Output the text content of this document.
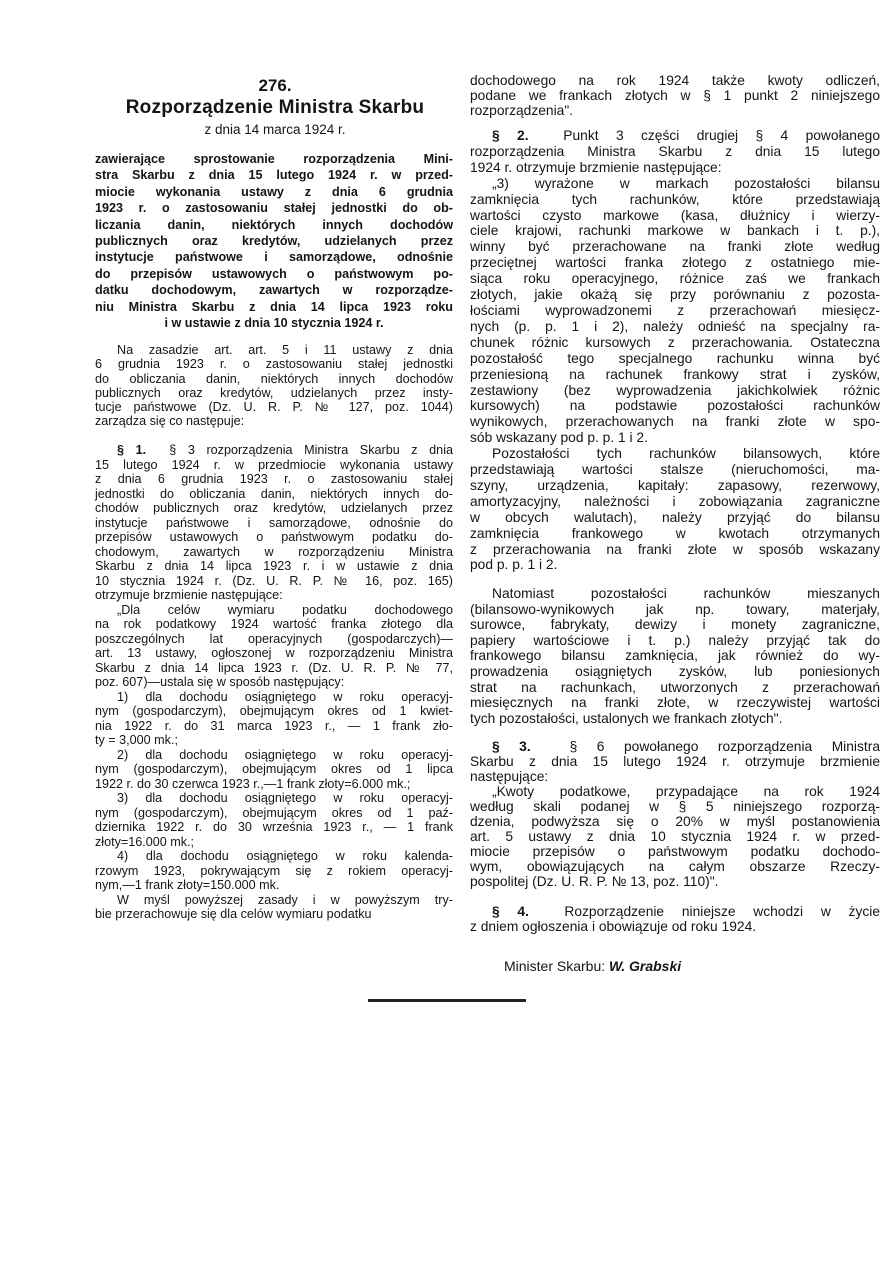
276.
Rozporządzenie Ministra Skarbu
z dnia 14 marca 1924 r.
zawierające sprostowanie rozporządzenia Mini-
stra Skarbu z dnia 15 lutego 1924 r. w przed-
miocie wykonania ustawy z dnia 6 grudnia
1923 r. o zastosowaniu stałej jednostki do ob-
liczania danin, niektórych innych dochodów
publicznych oraz kredytów, udzielanych przez
instytucje państwowe i samorządowe, odnośnie
do przepisów ustawowych o państwowym po-
datku dochodowym, zawartych w rozporządze-
niu Ministra Skarbu z dnia 14 lipca 1923 roku
i w ustawie z dnia 10 stycznia 1924 r.
Na zasadzie art. art. 5 i 11 ustawy z dnia
6 grudnia 1923 r. o zastosowaniu stałej jednostki
do obliczania danin, niektórych innych dochodów
publicznych oraz kredytów, udzielanych przez insty-
tucje państwowe (Dz. U. R. P. № 127, poz. 1044)
zarządza się co następuje:
§ 1.  § 3 rozporządzenia Ministra Skarbu z dnia
15 lutego 1924 r. w przedmiocie wykonania ustawy
z dnia 6 grudnia 1923 r. o zastosowaniu stałej
jednostki do obliczania danin, niektórych innych do-
chodów publicznych oraz kredytów, udzielanych przez
instytucje państwowe i samorządowe, odnośnie do
przepisów ustawowych o państwowym podatku do-
chodowym, zawartych w rozporządzeniu Ministra
Skarbu z dnia 14 lipca 1923 r. i w ustawie z dnia
10 stycznia 1924 r. (Dz. U. R. P. № 16, poz. 165)
otrzymuje brzmienie następujące:
„Dla celów wymiaru podatku dochodowego
na rok podatkowy 1924 wartość franka złotego dla
poszczególnych lat operacyjnych (gospodarczych)—
art. 13 ustawy, ogłoszonej w rozporządzeniu Ministra
Skarbu z dnia 14 lipca 1923 r. (Dz. U. R. P. № 77,
poz. 607)—ustala się w sposób następujący:
1) dla dochodu osiągniętego w roku operacyj-
nym (gospodarczym), obejmującym okres od 1 kwiet-
nia 1922 r. do 31 marca 1923 r., — 1 frank zło-
ty = 3,000 mk.;
2) dla dochodu osiągniętego w roku operacyj-
nym (gospodarczym), obejmującym okres od 1 lipca
1922 r. do 30 czerwca 1923 r.,—1 frank złoty=6.000 mk.;
3) dla dochodu osiągniętego w roku operacyj-
nym (gospodarczym), obejmującym okres od 1 paź-
dziernika 1922 r. do 30 września 1923 r., — 1 frank
złoty=16.000 mk.;
4) dla dochodu osiągniętego w roku kalenda-
rzowym 1923, pokrywającym się z rokiem operacyj-
nym,—1 frank złoty=150.000 mk.
W myśl powyższej zasady i w powyższym try-
bie przerachowuje się dla celów wymiaru podatku
dochodowego na rok 1924 także kwoty odliczeń,
podane we frankach złotych w § 1 punkt 2 niniejszego
rozporządzenia".
§ 2.  Punkt 3 części drugiej § 4 powołanego
rozporządzenia Ministra Skarbu z dnia 15 lutego
1924 r. otrzymuje brzmienie następujące:
„3) wyrażone w markach pozostałości bilansu
zamknięcia tych rachunków, które przedstawiają
wartości czysto markowe (kasa, dłużnicy i wierzy-
ciele krajowi, rachunki markowe w bankach i t. p.),
winny być przerachowane na franki złote według
przeciętnej wartości franka złotego z ostatniego mie-
siąca roku operacyjnego, różnice zaś we frankach
złotych, jakie okażą się przy porównaniu z pozosta-
łościami wyprowadzonemi z przerachowań miesięcz-
nych (p. p. 1 i 2), należy odnieść na specjalny ra-
chunek różnic kursowych z przerachowania. Ostateczna
pozostałość tego specjalnego rachunku winna być
przeniesioną na rachunek frankowy strat i zysków,
zestawiony (bez wyprowadzenia jakichkolwiek różnic
kursowych) na podstawie pozostałości rachunków
wynikowych, przerachowanych na franki złote w spo-
sób wskazany pod p. p. 1 i 2.
Pozostałości tych rachunków bilansowych, które
przedstawiają wartości stalsze (nieruchomości, ma-
szyny, urządzenia, kapitały: zapasowy, rezerwowy,
amortyzacyjny, należności i zobowiązania zagraniczne
w obcych walutach), należy przyjąć do bilansu
zamknięcia frankowego w kwotach otrzymanych
z przerachowania na franki złote w sposób wskazany
pod p. p. 1 i 2.
Natomiast pozostałości rachunków mieszanych
(bilansowo-wynikowych jak np. towary, materjały,
surowce, fabrykaty, dewizy i monety zagraniczne,
papiery wartościowe i t. p.) należy przyjąć tak do
frankowego bilansu zamknięcia, jak również do wy-
prowadzenia osiągniętych zysków, lub poniesionych
strat na rachunkach, utworzonych z przerachowań
miesięcznych na franki złote, w rzeczywistej wartości
tych pozostałości, ustalonych we frankach złotych".
§ 3.  § 6 powołanego rozporządzenia Ministra
Skarbu z dnia 15 lutego 1924 r. otrzymuje brzmienie
następujące:
„Kwoty podatkowe, przypadające na rok 1924
według skali podanej w § 5 niniejszego rozporzą-
dzenia, podwyższa się o 20% w myśl postanowienia
art. 5 ustawy z dnia 10 stycznia 1924 r. w przed-
miocie przepisów o państwowym podatku dochodo-
wym, obowiązujących na całym obszarze Rzeczy-
pospolitej (Dz. U. R. P. № 13, poz. 110)".
§ 4.  Rozporządzenie niniejsze wchodzi w życie
z dniem ogłoszenia i obowiązuje od roku 1924.
Minister Skarbu: W. Grabski
